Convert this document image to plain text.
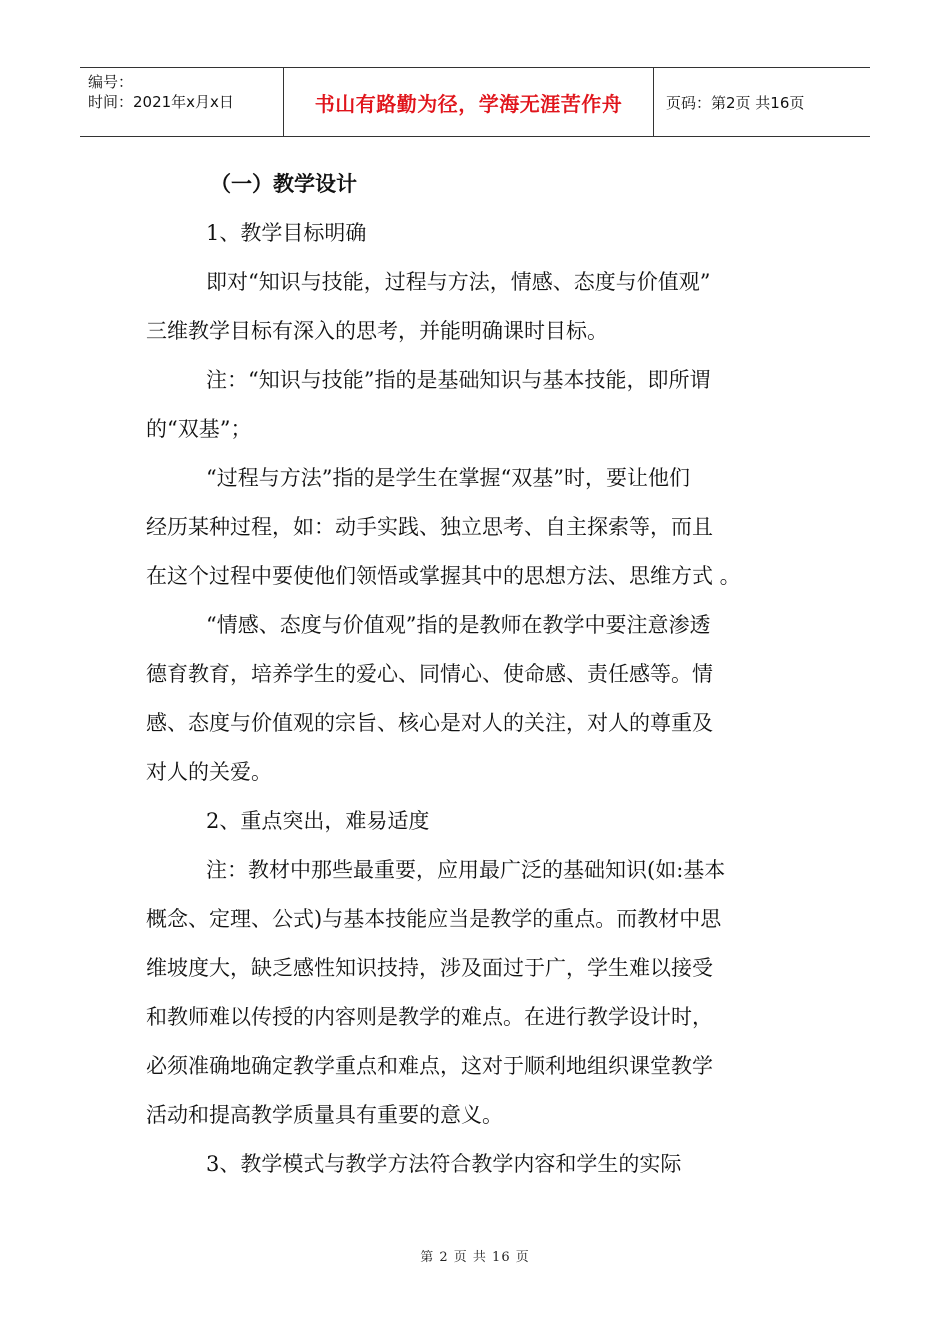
编号：
时间：2021年x月x日	书山有路勤为径，学海无涯苦作舟	页码：第2页 共16页
（一）教学设计

1、教学目标明确

即对“知识与技能，过程与方法，情感、态度与价值观”

三维教学目标有深入的思考，并能明确课时目标。

注：“知识与技能”指的是基础知识与基本技能，即所谓

的“双基”；

“过程与方法”指的是学生在掌握“双基”时，要让他们

经历某种过程，如：动手实践、独立思考、自主探索等，而且

在这个过程中要使他们领悟或掌握其中的思想方法、思维方式 。

“情感、态度与价值观”指的是教师在教学中要注意渗透

德育教育，培养学生的爱心、同情心、使命感、责任感等。情

感、态度与价值观的宗旨、核心是对人的关注，对人的尊重及

对人的关爱。

2、重点突出，难易适度

注：教材中那些最重要，应用最广泛的基础知识(如:基本

概念、定理、公式)与基本技能应当是教学的重点。而教材中思

维坡度大，缺乏感性知识技持，涉及面过于广，学生难以接受

和教师难以传授的内容则是教学的难点。在进行教学设计时，

必须准确地确定教学重点和难点，这对于顺利地组织课堂教学

活动和提高教学质量具有重要的意义。

3、教学模式与教学方法符合教学内容和学生的实际

第 2 页 共 16 页
